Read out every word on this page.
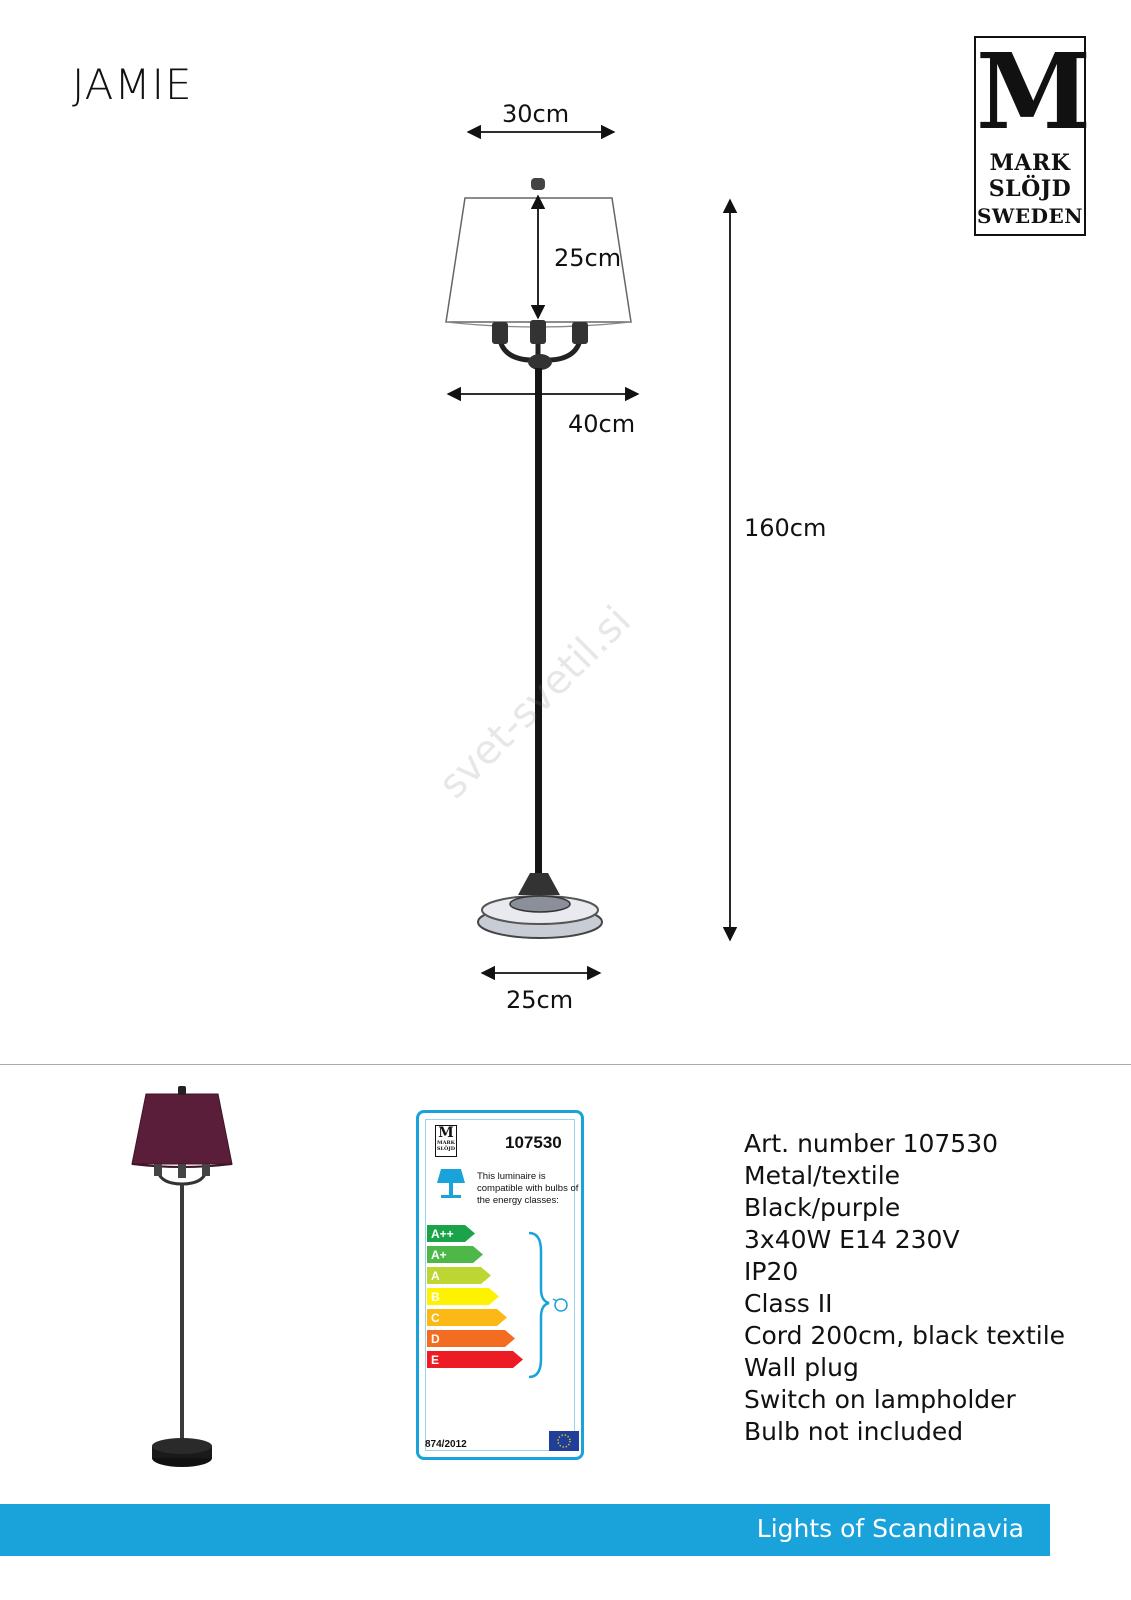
JAMIE	M
MARK
SLÖJD
SWEDEN
30cm
25cm
40cm
160cm
25cm
svet-svetil.si
M
MARK
SLÖJD	107530
This luminaire is compatible with bulbs of the energy classes:
A++
A+
A
B
C
D
E
874/2012
Art. number 107530
Metal/textile
Black/purple
3x40W E14 230V
IP20
Class II
Cord 200cm, black textile
Wall plug
Switch on lampholder
Bulb not included
Lights of Scandinavia
